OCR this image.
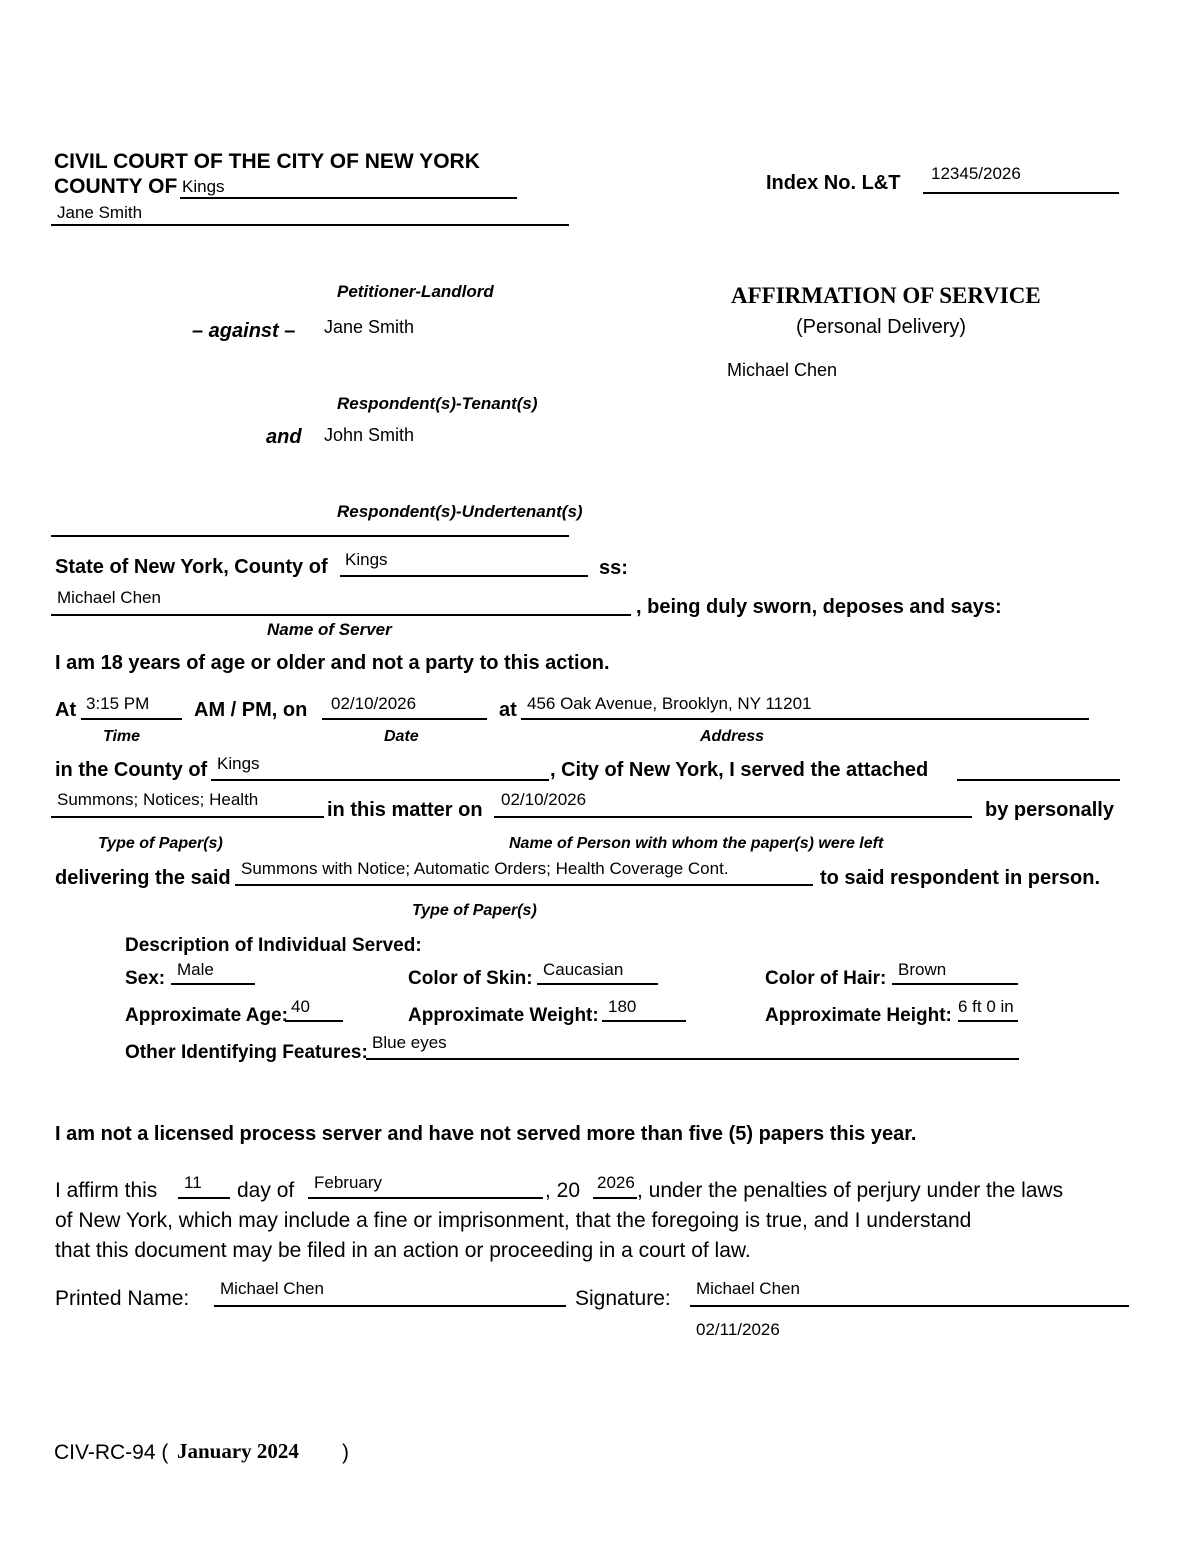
CIVIL COURT OF THE CITY OF NEW YORK
COUNTY OF Kings
Jane Smith
Index No. L&T 12345/2026
Petitioner-Landlord
– against – Jane Smith
Respondent(s)-Tenant(s)
and John Smith
Respondent(s)-Undertenant(s)
AFFIRMATION OF SERVICE
(Personal Delivery)
Michael Chen
State of New York, County of Kings	ss:
Michael Chen	, being duly sworn, deposes and says:
Name of Server
I am 18 years of age or older and not a party to this action.
At 3:15 PM
Time
AM / PM, on 02/10/2026
Date
at 456 Oak Avenue, Brooklyn, NY 11201
Address
in the County of Kings	, City of New York, I served the attached
Summons; Notices; Health
Type of Paper(s)
in this matter on 02/10/2026
Name of Person with whom the paper(s) were left
by personally
delivering the said Summons with Notice; Automatic Orders; Health Coverage Cont.
Type of Paper(s)
to said respondent in person.
Description of Individual Served:
Sex: Male	Color of Skin: Caucasian	Color of Hair: Brown
Approximate Age: 40	Approximate Weight: 180	Approximate Height: 6 ft 0 in
Other Identifying Features: Blue eyes
I am not a licensed process server and have not served more than five (5) papers this year.
I affirm this 11 day of February	, 20 2026 , under the penalties of perjury under the laws
of New York, which may include a fine or imprisonment, that the foregoing is true, and I understand
that this document may be filed in an action or proceeding in a court of law.
Printed Name: Michael Chen	Signature: Michael Chen
02/11/2026
CIV-RC-94 ( January 2024 )
